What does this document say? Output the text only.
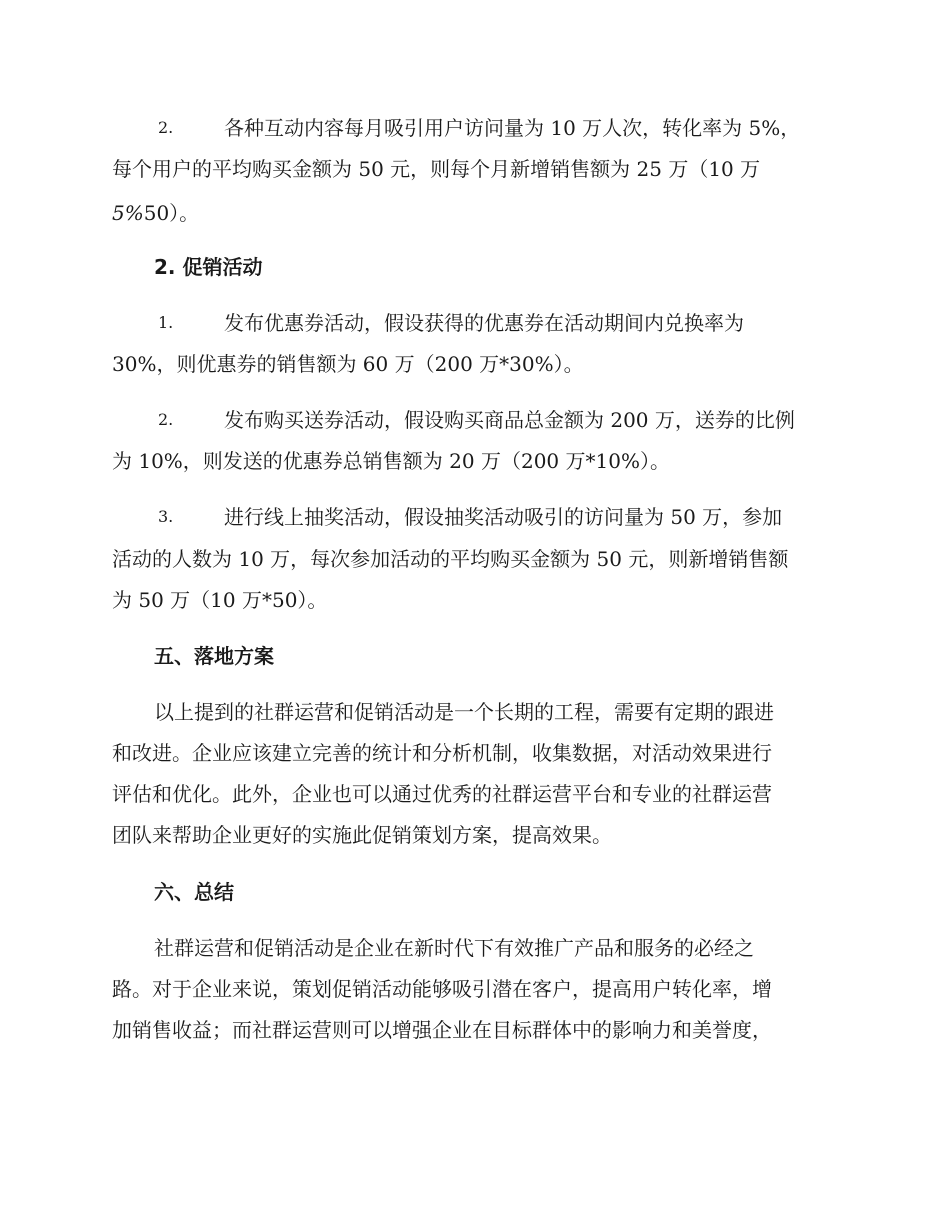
2.	各种互动内容每月吸引用户访问量为 10 万人次，转化率为 5%，
每个用户的平均购买金额为 50 元，则每个月新增销售额为 25 万（10 万
5%50）。
2. 促销活动
1.	发布优惠券活动，假设获得的优惠券在活动期间内兑换率为
30%，则优惠券的销售额为 60 万（200 万*30%）。
2.	发布购买送券活动，假设购买商品总金额为 200 万，送券的比例
为 10%，则发送的优惠券总销售额为 20 万（200 万*10%）。
3.	进行线上抽奖活动，假设抽奖活动吸引的访问量为 50 万，参加
活动的人数为 10 万，每次参加活动的平均购买金额为 50 元，则新增销售额
为 50 万（10 万*50）。
五、落地方案
以上提到的社群运营和促销活动是一个长期的工程，需要有定期的跟进
和改进。企业应该建立完善的统计和分析机制，收集数据，对活动效果进行
评估和优化。此外，企业也可以通过优秀的社群运营平台和专业的社群运营
团队来帮助企业更好的实施此促销策划方案，提高效果。
六、总结
社群运营和促销活动是企业在新时代下有效推广产品和服务的必经之
路。对于企业来说，策划促销活动能够吸引潜在客户，提高用户转化率，增
加销售收益；而社群运营则可以增强企业在目标群体中的影响力和美誉度，
